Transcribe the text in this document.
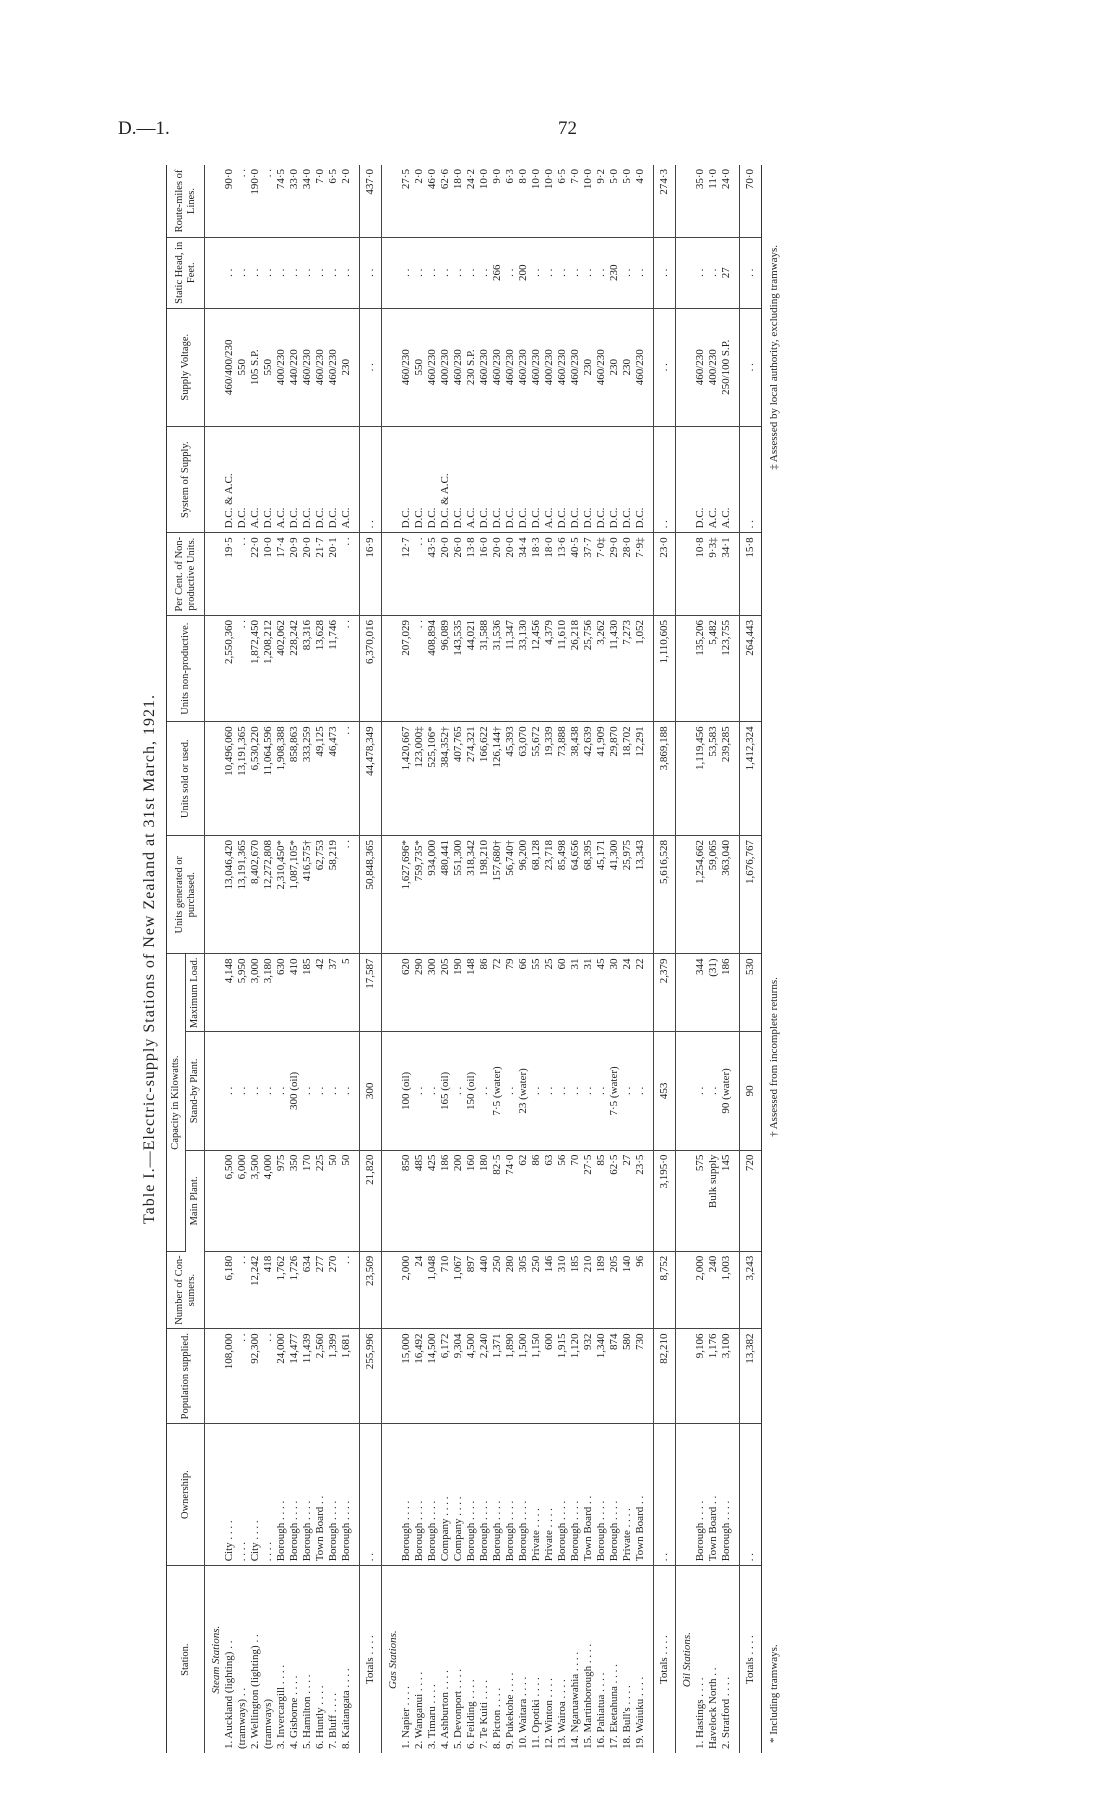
D.—1.	72
Table I.—Electric-supply Stations of New Zealand at 31st March, 1921.
Station.	Ownership.	Population supplied.	Number of Con-sumers.	Capacity in Kilowatts.			Units generated or purchased.	Units sold or used.	Units non-productive.	Per Cent. of Non-productive Units.	System of Supply.	Supply Voltage.	Static Head, in Feet.	Route-miles of Lines.
				Main Plant.	Stand-by Plant.	Maximum Load.								
Steam Stations.														
1. Auckland (lighting) . .	City . . . .	108,000	6,180	6,500	. .	4,148	13,046,420	10,496,060	2,550,360	19·5	D.C. & A.C.	460/400/230	. .	90·0
(tramways) . .	. . . .	. .	. .	6,000	. .	5,950	13,191,365	13,191,365	. .	. .	D.C.	550	. .	. .
2. Wellington (lighting) . .	City . . . .	92,300	12,242	3,500	. .	3,000	8,402,670	6,530,220	1,872,450	22·0	A.C.	105 S.P.	. .	190·0
(tramways)	. . . .	. .	418	4,000	. .	3,180	12,272,808	11,064,596	1,208,212	10·0	D.C.	550	. .	. .
3. Invercargill . . . .	Borough . . . .	24,000	1,762	975	. .	630	2,310,450*	1,908,388	402,062	17·4	A.C.	400/230	. .	74·5
4. Gisborne . . . .	Borough . . . .	14,477	1,726	350	300 (oil)	410	1,087,105*	858,863	228,242	20·9	D.C.	440/220	. .	33·0
5. Hamilton . . . .	Borough . . . .	11,439	634	170	. .	185	416,575†	333,259	83,316	20·0	D.C.	460/230	. .	34·0
6. Huntly . . . .	Town Board . .	2,560	277	225	. .	42	62,753	49,125	13,628	21·7	D.C.	460/230	. .	7·0
7. Bluff . . . .	Borough . . . .	1,399	270	50	. .	37	58,219	46,473	11,746	20·1	D.C.	460/230	. .	6·5
8. Kaitangata . . . .	Borough . . . .	1,681	. .	50	. .	5	. .	. .	. .	. .	A.C.	230	. .	2·0

Totals . . . .	. .	255,996	23,509	21,820	300	17,587	50,848,365	44,478,349	6,370,016	16·9	. .	. .	. .	437·0
Gas Stations.														
1. Napier . . . .	Borough . . . .	15,000	2,000	850	100 (oil)	620	1,627,696*	1,420,667	207,029	12·7	D.C.	460/230	. .	27·5
2. Wanganui . . . .	Borough . . . .	16,492	24	485	. .	290	759,735*	123,000‡	. .	. .	D.C.	550	. .	2·0
3. Timaru . . . .	Borough . . . .	14,500	1,048	425	. .	300	934,000	525,106*	408,894	43·5	D.C.	460/230	. .	46·0
4. Ashburton . . . .	Company . . . .	6,172	710	186	165 (oil)	205	480,441	384,352†	96,089	20·0	D.C. & A.C.	400/230	. .	62·6
5. Devonport . . . .	Company . . . .	9,304	1,067	200	. .	190	551,300	407,765	143,535	26·0	D.C.	460/230	. .	18·0
6. Feilding . . . .	Borough . . . .	4,500	897	160	150 (oil)	148	318,342	274,321	44,021	13·8	A.C.	230 S.P.	. .	24·2
7. Te Kuiti . . . .	Borough . . . .	2,240	440	180	. .	86	198,210	166,622	31,588	16·0	D.C.	460/230	. .	10·0
8. Picton . . . .	Borough . . . .	1,371	250	82·5	7·5 (water)	72	157,680†	126,144†	31,536	20·0	D.C.	460/230	266	9·0
9. Pukekohe . . . .	Borough . . . .	1,890	280	74·0	. .	79	56,740†	45,393	11,347	20·0	D.C.	460/230	. .	6·3
10. Waitara . . . .	Borough . . . .	1,500	305	62	23 (water)	66	96,200	63,070	33,130	34·4	D.C.	460/230	200	8·0
11. Opotiki . . . .	Private . . . .	1,150	250	86	. .	55	68,128	55,672	12,456	18·3	D.C.	460/230	. .	10·0
12. Winton . . . .	Private . . . .	600	146	63	. .	25	23,718	19,339	4,379	18·0	A.C.	400/230	. .	10·0
13. Wairoa . . . .	Borough . . . .	1,915	310	56	. .	60	85,498	73,888	11,610	13·6	D.C.	460/230	. .	6·5
14. Ngaruawahia . . . .	Borough . . . .	1,120	185	70	. .	31	64,656	38,438	26,218	40·5	D.C.	460/230	. .	7·0
15. Martinborough . . . .	Town Board . .	932	210	27·5	. .	31	68,395	42,639	25,756	37·7	D.C.	230	. .	10·0
16. Pahiatua . . . .	Borough . . . .	1,340	189	85	. .	45	45,171	41,909	3,262	7·0‡	D.C.	460/230	. .	9·2
17. Eketahuna . . . .	Borough . . . .	874	205	62·5	7·5 (water)	30	41,300	29,870	11,430	29·0	D.C.	230	230	5·0
18. Bull's . . . .	Private . . . .	580	140	27	. .	24	25,975	18,702	7,273	28·0	D.C.	230	. .	5·0
19. Waiuku . . . .	Town Board . .	730	96	23·5	. .	22	13,343	12,291	1,052	7·9‡	D.C.	460/230	. .	4·0

Totals . . . .	. .	82,210	8,752	3,195·0	453	2,379	5,616,528	3,869,188	1,110,605	23·0	. .	. .	. .	274·3
Oil Stations.														
1. Hastings . . . .	Borough . . . .	9,106	2,000	575	. .	344	1,254,662	1,119,456	135,206	10·8	D.C.	460/230	. .	35·0
Havelock North . .	Town Board . .	1,176	240	Bulk supply	. .	(31)	59,065	53,583	5,482	9·3‡	A.C.	400/230	. .	11·0
2. Stratford . . . .	Borough . . . .	3,100	1,003	145	90 (water)	186	363,040	239,285	123,755	34·1	A.C.	250/100 S.P.	27	24·0

Totals . . . .	. .	13,382	3,243	720	90	530	1,676,767	1,412,324	264,443	15·8	. .	. .	. .	70·0
* Including tramways.
† Assessed from incomplete returns.
‡ Assessed by local authority, excluding tramways.
